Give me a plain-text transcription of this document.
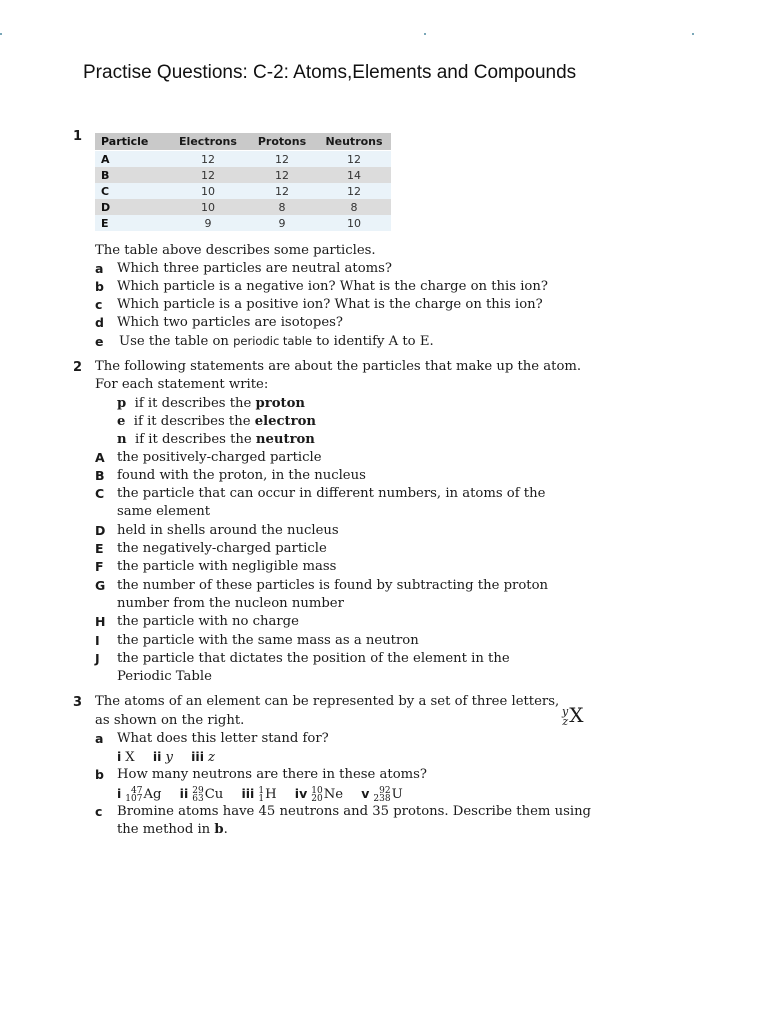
Practise Questions: C-2: Atoms,Elements and Compounds
1 Particle	Electrons	Protons	Neutrons
A	12	12	12
B	12	12	14
C	10	12	12
D	10	8	8
E	9	9	10
The table above describes some particles.
a Which three particles are neutral atoms?
b Which particle is a negative ion? What is the charge on this ion?
c Which particle is a positive ion? What is the charge on this ion?
d Which two particles are isotopes?
e Use the table on periodic table to identify A to E.
2 The following statements are about the particles that make up the atom.
For each statement write:
p if it describes the proton
e if it describes the electron
n if it describes the neutron
A the positively-charged particle
B found with the proton, in the nucleus
C the particle that can occur in different numbers, in atoms of the
same element
D held in shells around the nucleus
E the negatively-charged particle
F the particle with negligible mass
G the number of these particles is found by subtracting the proton
number from the nucleon number
H the particle with no charge
I the particle with the same mass as a neutron
J the particle that dictates the position of the element in the
Periodic Table
3 The atoms of an element can be represented by a set of three letters,
as shown on the right.
y
z X
a What does this letter stand for?
i X ii y iii z
b How many neutrons are there in these atoms?
i	47
107 Ag ii 29
63 Cu iii 1
1 H iv 10
20 Ne v	92
238 U
c Bromine atoms have 45 neutrons and 35 protons. Describe them using
the method in b.
